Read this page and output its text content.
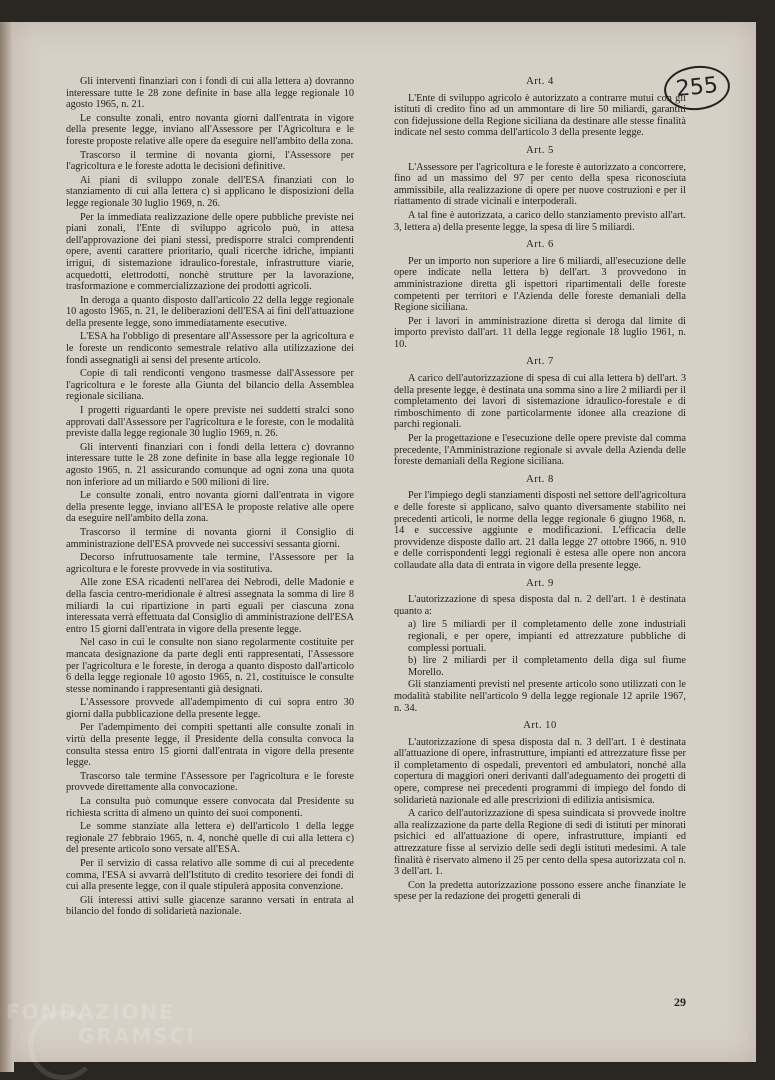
255
29

Gli interventi finanziari con i fondi di cui alla lettera a) dovranno interessare tutte le 28 zone definite in base alla legge regionale 10 agosto 1965, n. 21.

Le consulte zonali, entro novanta giorni dall'entrata in vigore della presente legge, inviano all'Assessore per l'Agricoltura e le foreste proposte relative alle opere da eseguire nell'ambito della zona.

Trascorso il termine di novanta giorni, l'Assessore per l'agricoltura e le foreste adotta le decisioni definitive.

Ai piani di sviluppo zonale dell'ESA finanziati con lo stanziamento di cui alla lettera c) si applicano le disposizioni della legge regionale 30 luglio 1969, n. 26.

Per la immediata realizzazione delle opere pubbliche previste nei piani zonali, l'Ente di sviluppo agricolo può, in attesa dell'approvazione dei piani stessi, predisporre stralci comprendenti opere, aventi carattere prioritario, quali ricerche idriche, impianti irrigui, di sistemazione idraulico-forestale, infrastrutture viarie, acquedotti, elettrodotti, nonchè strutture per la lavorazione, trasformazione e commercializzazione dei prodotti agricoli.

In deroga a quanto disposto dall'articolo 22 della legge regionale 10 agosto 1965, n. 21, le deliberazioni dell'ESA ai fini dell'attuazione della presente legge, sono immediatamente esecutive.

L'ESA ha l'obbligo di presentare all'Assessore per la agricoltura e le foreste un rendiconto semestrale relativo alla utilizzazione dei fondi assegnatigli ai sensi del presente articolo.

Copie di tali rendiconti vengono trasmesse dall'Assessore per l'agricoltura e le foreste alla Giunta del bilancio della Assemblea regionale siciliana.

I progetti riguardanti le opere previste nei suddetti stralci sono approvati dall'Assessore per l'agricoltura e le foreste, con le modalità previste dalla legge regionale 30 luglio 1969, n. 26.

Gli interventi finanziari con i fondi della lettera c) dovranno interessare tutte le 28 zone definite in base alla legge regionale 10 agosto 1965, n. 21 assicurando comunque ad ogni zona una quota non inferiore ad un miliardo e 500 milioni di lire.

Le consulte zonali, entro novanta giorni dall'entrata in vigore della presente legge, inviano all'ESA le proposte relative alle opere da eseguire nell'ambito della zona.

Trascorso il termine di novanta giorni il Consiglio di amministrazione dell'ESA provvede nei successivi sessanta giorni.

Decorso infruttuosamente tale termine, l'Assessore per la agricoltura e le foreste provvede in via sostitutiva.

Alle zone ESA ricadenti nell'area dei Nebrodi, delle Madonie e della fascia centro-meridionale è altresì assegnata la somma di lire 8 miliardi la cui ripartizione in parti eguali per ciascuna zona interessata verrà effettuata dal Consiglio di amministrazione dell'ESA entro 15 giorni dall'entrata in vigore della presente legge.

Nel caso in cui le consulte non siano regolarmente costituite per mancata designazione da parte degli enti rappresentati, l'Assessore per l'agricoltura e le foreste, in deroga a quanto disposto dall'articolo 6 della legge regionale 10 agosto 1965, n. 21, costituisce le consulte stesse nominando i rappresentanti già designati.

L'Assessore provvede all'adempimento di cui sopra entro 30 giorni dalla pubblicazione della presente legge.

Per l'adempimento dei compiti spettanti alle consulte zonali in virtù della presente legge, il Presidente della consulta convoca la consulta stessa entro 15 giorni dall'entrata in vigore della presente legge.

Trascorso tale termine l'Assessore per l'agricoltura e le foreste provvede direttamente alla convocazione.

La consulta può comunque essere convocata dal Presidente su richiesta scritta di almeno un quinto dei suoi componenti.

Le somme stanziate alla lettera e) dell'articolo 1 della legge regionale 27 febbraio 1965, n. 4, nonchè quelle di cui alla lettera c) del presente articolo sono versate all'ESA.

Per il servizio di cassa relativo alle somme di cui al precedente comma, l'ESA si avvarrà dell'Istituto di credito tesoriere dei fondi di cui alla presente legge, con il quale stipulerà apposita convenzione.

Gli interessi attivi sulle giacenze saranno versati in entrata al bilancio del fondo di solidarietà nazionale.

Art. 4

L'Ente di sviluppo agricolo è autorizzato a contrarre mutui con gli istituti di credito fino ad un ammontare di lire 50 miliardi, garantiti con fidejussione della Regione siciliana da destinare alle stesse finalità indicate nel sesto comma dell'articolo 3 della presente legge.

Art. 5

L'Assessore per l'agricoltura e le foreste è autorizzato a concorrere, fino ad un massimo del 97 per cento della spesa riconosciuta ammissibile, alla realizzazione di opere per nuove costruzioni e per il riattamento di strade vicinali e interpoderali.

A tal fine è autorizzata, a carico dello stanziamento previsto all'art. 3, lettera a) della presente legge, la spesa di lire 5 miliardi.

Art. 6

Per un importo non superiore a lire 6 miliardi, all'esecuzione delle opere indicate nella lettera b) dell'art. 3 provvedono in amministrazione diretta gli ispettori ripartimentali delle foreste competenti per territori e l'Azienda delle foreste demaniali della Regione siciliana.

Per i lavori in amministrazione diretta si deroga dal limite di importo previsto dall'art. 11 della legge regionale 18 luglio 1961, n. 10.

Art. 7

A carico dell'autorizzazione di spesa di cui alla lettera b) dell'art. 3 della presente legge, è destinata una somma sino a lire 2 miliardi per il completamento dei lavori di sistemazione idraulico-forestale e di rimboschimento di zone particolarmente idonee alla creazione di parchi regionali.

Per la progettazione e l'esecuzione delle opere previste dal comma precedente, l'Amministrazione regionale si avvale della Azienda delle foreste demaniali della Regione siciliana.

Art. 8

Per l'impiego degli stanziamenti disposti nel settore dell'agricoltura e delle foreste si applicano, salvo quanto diversamente stabilito nei precedenti articoli, le norme della legge regionale 6 giugno 1968, n. 14 e successive aggiunte e modificazioni. L'efficacia delle provvidenze disposte dallo art. 21 dalla legge 27 ottobre 1966, n. 910 e delle corrispondenti leggi regionali è estesa alle opere non ancora collaudate alla data di entrata in vigore della presente legge.

Art. 9

L'autorizzazione di spesa disposta dal n. 2 dell'art. 1 è destinata quanto a:

a) lire 5 miliardi per il completamento delle zone industriali regionali, e per opere, impianti ed attrezzature pubbliche di complessi portuali.

b) lire 2 miliardi per il completamento della diga sul fiume Morello.

Gli stanziamenti previsti nel presente articolo sono utilizzati con le modalità stabilite nell'articolo 9 della legge regionale 12 aprile 1967, n. 34.

Art. 10

L'autorizzazione di spesa disposta dal n. 3 dell'art. 1 è destinata all'attuazione di opere, infrastrutture, impianti ed attrezzature fisse per il completamento di ospedali, preventori ed ambulatori, nonché alla copertura di maggiori oneri derivanti dall'adeguamento dei progetti di opere, comprese nei precedenti programmi di impiego del fondo di solidarietà nazionale ed alle prescrizioni di edilizia antisismica.

A carico dell'autorizzazione di spesa suindicata si provvede inoltre alla realizzazione da parte della Regione di sedi di istituti per minorati psichici ed all'attuazione di opere, infrastrutture, impianti ed attrezzature fisse al servizio delle sedi degli istituti medesimi. A tale finalità è riservato almeno il 25 per cento della spesa autorizzata col n. 3 dell'art. 1.

Con la predetta autorizzazione possono essere anche finanziate le spese per la redazione dei progetti generali di

FONDAZIONE
GRAMSCI
